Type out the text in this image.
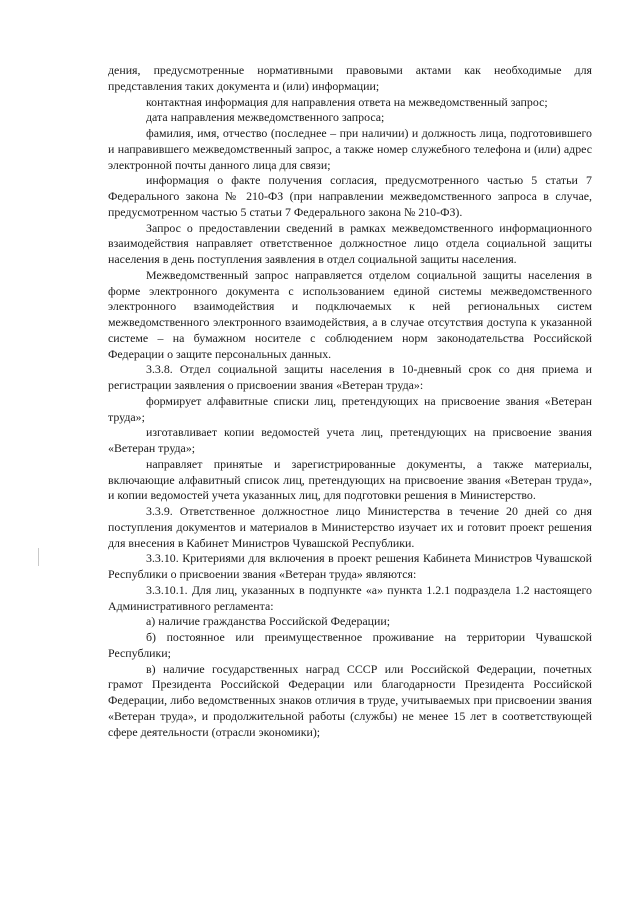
дения, предусмотренные нормативными правовыми актами как необходимые для представления таких документа и (или) информации;

контактная информация для направления ответа на межведомственный запрос;

дата направления межведомственного запроса;

фамилия, имя, отчество (последнее – при наличии) и должность лица, подготовившего и направившего межведомственный запрос, а также номер служебного телефона и (или) адрес электронной почты данного лица для связи;

информация о факте получения согласия, предусмотренного частью 5 статьи 7 Федерального закона № 210-ФЗ (при направлении межведомственного запроса в случае, предусмотренном частью 5 статьи 7 Федерального закона № 210-ФЗ).

Запрос о предоставлении сведений в рамках межведомственного информационного взаимодействия направляет ответственное должностное лицо отдела социальной защиты населения в день поступления заявления в отдел социальной защиты населения.

Межведомственный запрос направляется отделом социальной защиты населения в форме электронного документа с использованием единой системы межведомственного электронного взаимодействия и подключаемых к ней региональных систем межведомственного электронного взаимодействия, а в случае отсутствия доступа к указанной системе – на бумажном носителе с соблюдением норм законодательства Российской Федерации о защите персональных данных.

3.3.8. Отдел социальной защиты населения в 10-дневный срок со дня приема и регистрации заявления о присвоении звания «Ветеран труда»:

формирует алфавитные списки лиц, претендующих на присвоение звания «Ветеран труда»;

изготавливает копии ведомостей учета лиц, претендующих на присвоение звания «Ветеран труда»;

направляет принятые и зарегистрированные документы, а также материалы, включающие алфавитный список лиц, претендующих на присвоение звания «Ветеран труда», и копии ведомостей учета указанных лиц, для подготовки решения в Министерство.

3.3.9. Ответственное должностное лицо Министерства в течение 20 дней со дня поступления документов и материалов в Министерство изучает их и готовит проект решения для внесения в Кабинет Министров Чувашской Республики.

3.3.10. Критериями для включения в проект решения Кабинета Министров Чувашской Республики о присвоении звания «Ветеран труда» являются:

3.3.10.1. Для лиц, указанных в подпункте «а» пункта 1.2.1 подраздела 1.2 настоящего Административного регламента:

а) наличие гражданства Российской Федерации;

б) постоянное или преимущественное проживание на территории Чувашской Республики;

в) наличие государственных наград СССР или Российской Федерации, почетных грамот Президента Российской Федерации или благодарности Президента Российской Федерации, либо ведомственных знаков отличия в труде, учитываемых при присвоении звания «Ветеран труда», и продолжительной работы (службы) не менее 15 лет в соответствующей сфере деятельности (отрасли экономики);
